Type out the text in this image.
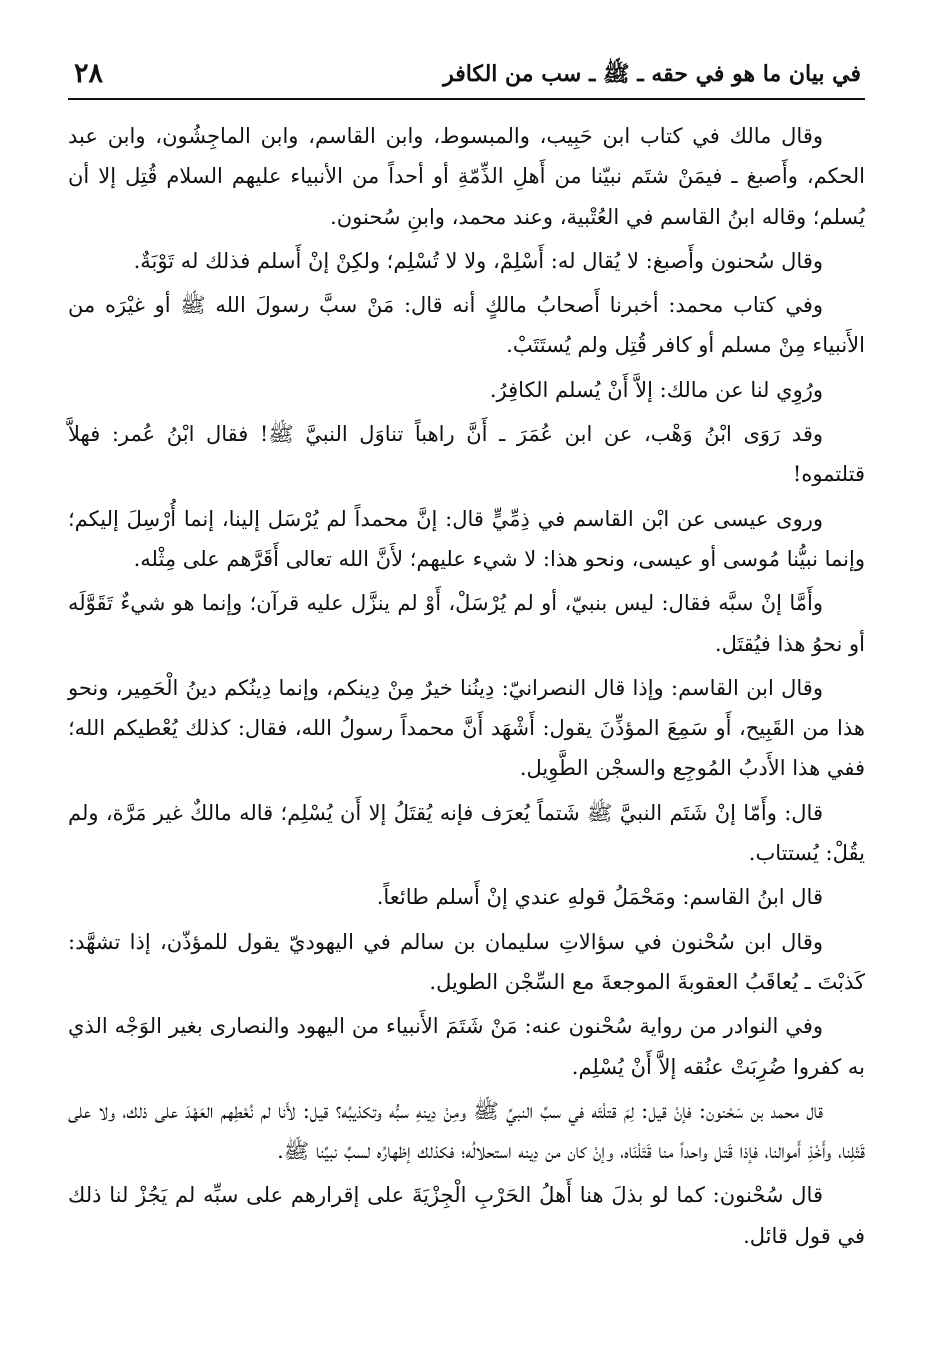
في بيان ما هو في حقه ـ ﷺ ـ سب من الكافر
٢٨

وقال مالك في كتاب ابن حَبِيب، والمبسوط، وابن القاسم، وابن الماجِشُون، وابن عبد الحكم، وأَصبغ ـ فيمَنْ شتَم نبيّنا من أَهلِ الذِّمّةِ أو أحداً من الأنبياء عليهم السلام قُتِل إلا أن يُسلم؛ وقاله ابنُ القاسم في العُتْبية، وعند محمد، وابنِ سُحنون.

وقال سُحنون وأَصبغ: لا يُقال له: أَسْلِمْ، ولا لا تُسْلِم؛ ولكِنْ إنْ أَسلم فذلك له تَوْبَةٌ.

وفي كتاب محمد: أخبرنا أَصحابُ مالكٍ أنه قال: مَنْ سبَّ رسولَ الله ﷺ أو غيْرَه من الأَنبياء مِنْ مسلم أو كافر قُتِل ولم يُستَتَبْ.

ورُوِي لنا عن مالك: إلاَّ أَنْ يُسلم الكافِرُ.

وقد رَوَى ابْنُ وَهْب، عن ابن عُمَرَ ـ أَنَّ راهباً تناوَل النبيَّ ﷺ! فقال ابْنُ عُمر: فهلاَّ قتلتموه!

وروى عيسى عن ابْن القاسم في ذِمِّيٍّ قال: إنَّ محمداً لم يُرْسَل إلينا، إنما أُرْسِلَ إليكم؛ وإنما نبيُّنا مُوسى أو عيسى، ونحو هذا: لا شيء عليهم؛ لأَنَّ الله تعالى أَقَرَّهم على مِثْله.

وأَمَّا إنْ سبَّه فقال: ليس بنبيّ، أو لم يُرْسَلْ، أَوْ لم ينزَّل عليه قرآن؛ وإنما هو شيءٌ تَقَوَّلَه أو نحوُ هذا فيُقتَل.

وقال ابن القاسم: وإذا قال النصرانيّ: دِينُنا خيرٌ مِنْ دِينكم، وإنما دِينُكم دينُ الْحَمِير، ونحو هذا من القَبِيح، أَو سَمِعَ المؤذِّنَ يقول: أَشْهَد أَنَّ محمداً رسولُ الله، فقال: كذلك يُعْطيكم الله؛ ففي هذا الأَدبُ المُوجِع والسجْن الطَّوِيل.

قال: وأَمّا إنْ شَتَم النبيَّ ﷺ شَتماً يُعرَف فإنه يُقتَلُ إلا أَن يُسْلِم؛ قاله مالكٌ غير مَرَّة، ولم يقُلْ: يُستتاب.

قال ابنُ القاسم: ومَحْمَلُ قولهِ عندي إنْ أَسلم طائعاً.

وقال ابن سُحْنون في سؤالاتِ سليمان بن سالم في اليهوديّ يقول للمؤذّن، إذا تشهَّد: كَذبْتَ ـ يُعاقَبُ العقوبةَ الموجعةَ مع السِّجْن الطويل.

وفي النوادر من رواية سُحْنون عنه: مَنْ شَتَمَ الأَنبياء من اليهود والنصارى بغير الوَجْه الذي به كفروا ضُرِبَتْ عنُقه إلاَّ أَنْ يُسْلِم.

قال محمد بن سَحْنون: فإنْ قيل: لِمَ قتلْتَه في سبِّ النبيِّ ﷺ ومِنْ دِينهِ سبُّه وتكذيبُه؟ قيل: لأَنا لم نُعْطِهم العَهْدَ على ذلك، ولا على قَتْلِنا، وأَخْذِ أَموالنا، فإذا قَتل واحداً منا قَتَلْنَاه، وإنْ كان من دِينه استحلالُه؛ فكذلك إظهارُه لسبِّ نبيِّنا ﷺ.

قال سُحْنون: كما لو بذلَ هنا أَهلُ الحَرْبِ الْجِزْيَةَ على إقرارهم على سبِّه لم يَجُزْ لنا ذلك في قول قائل.
